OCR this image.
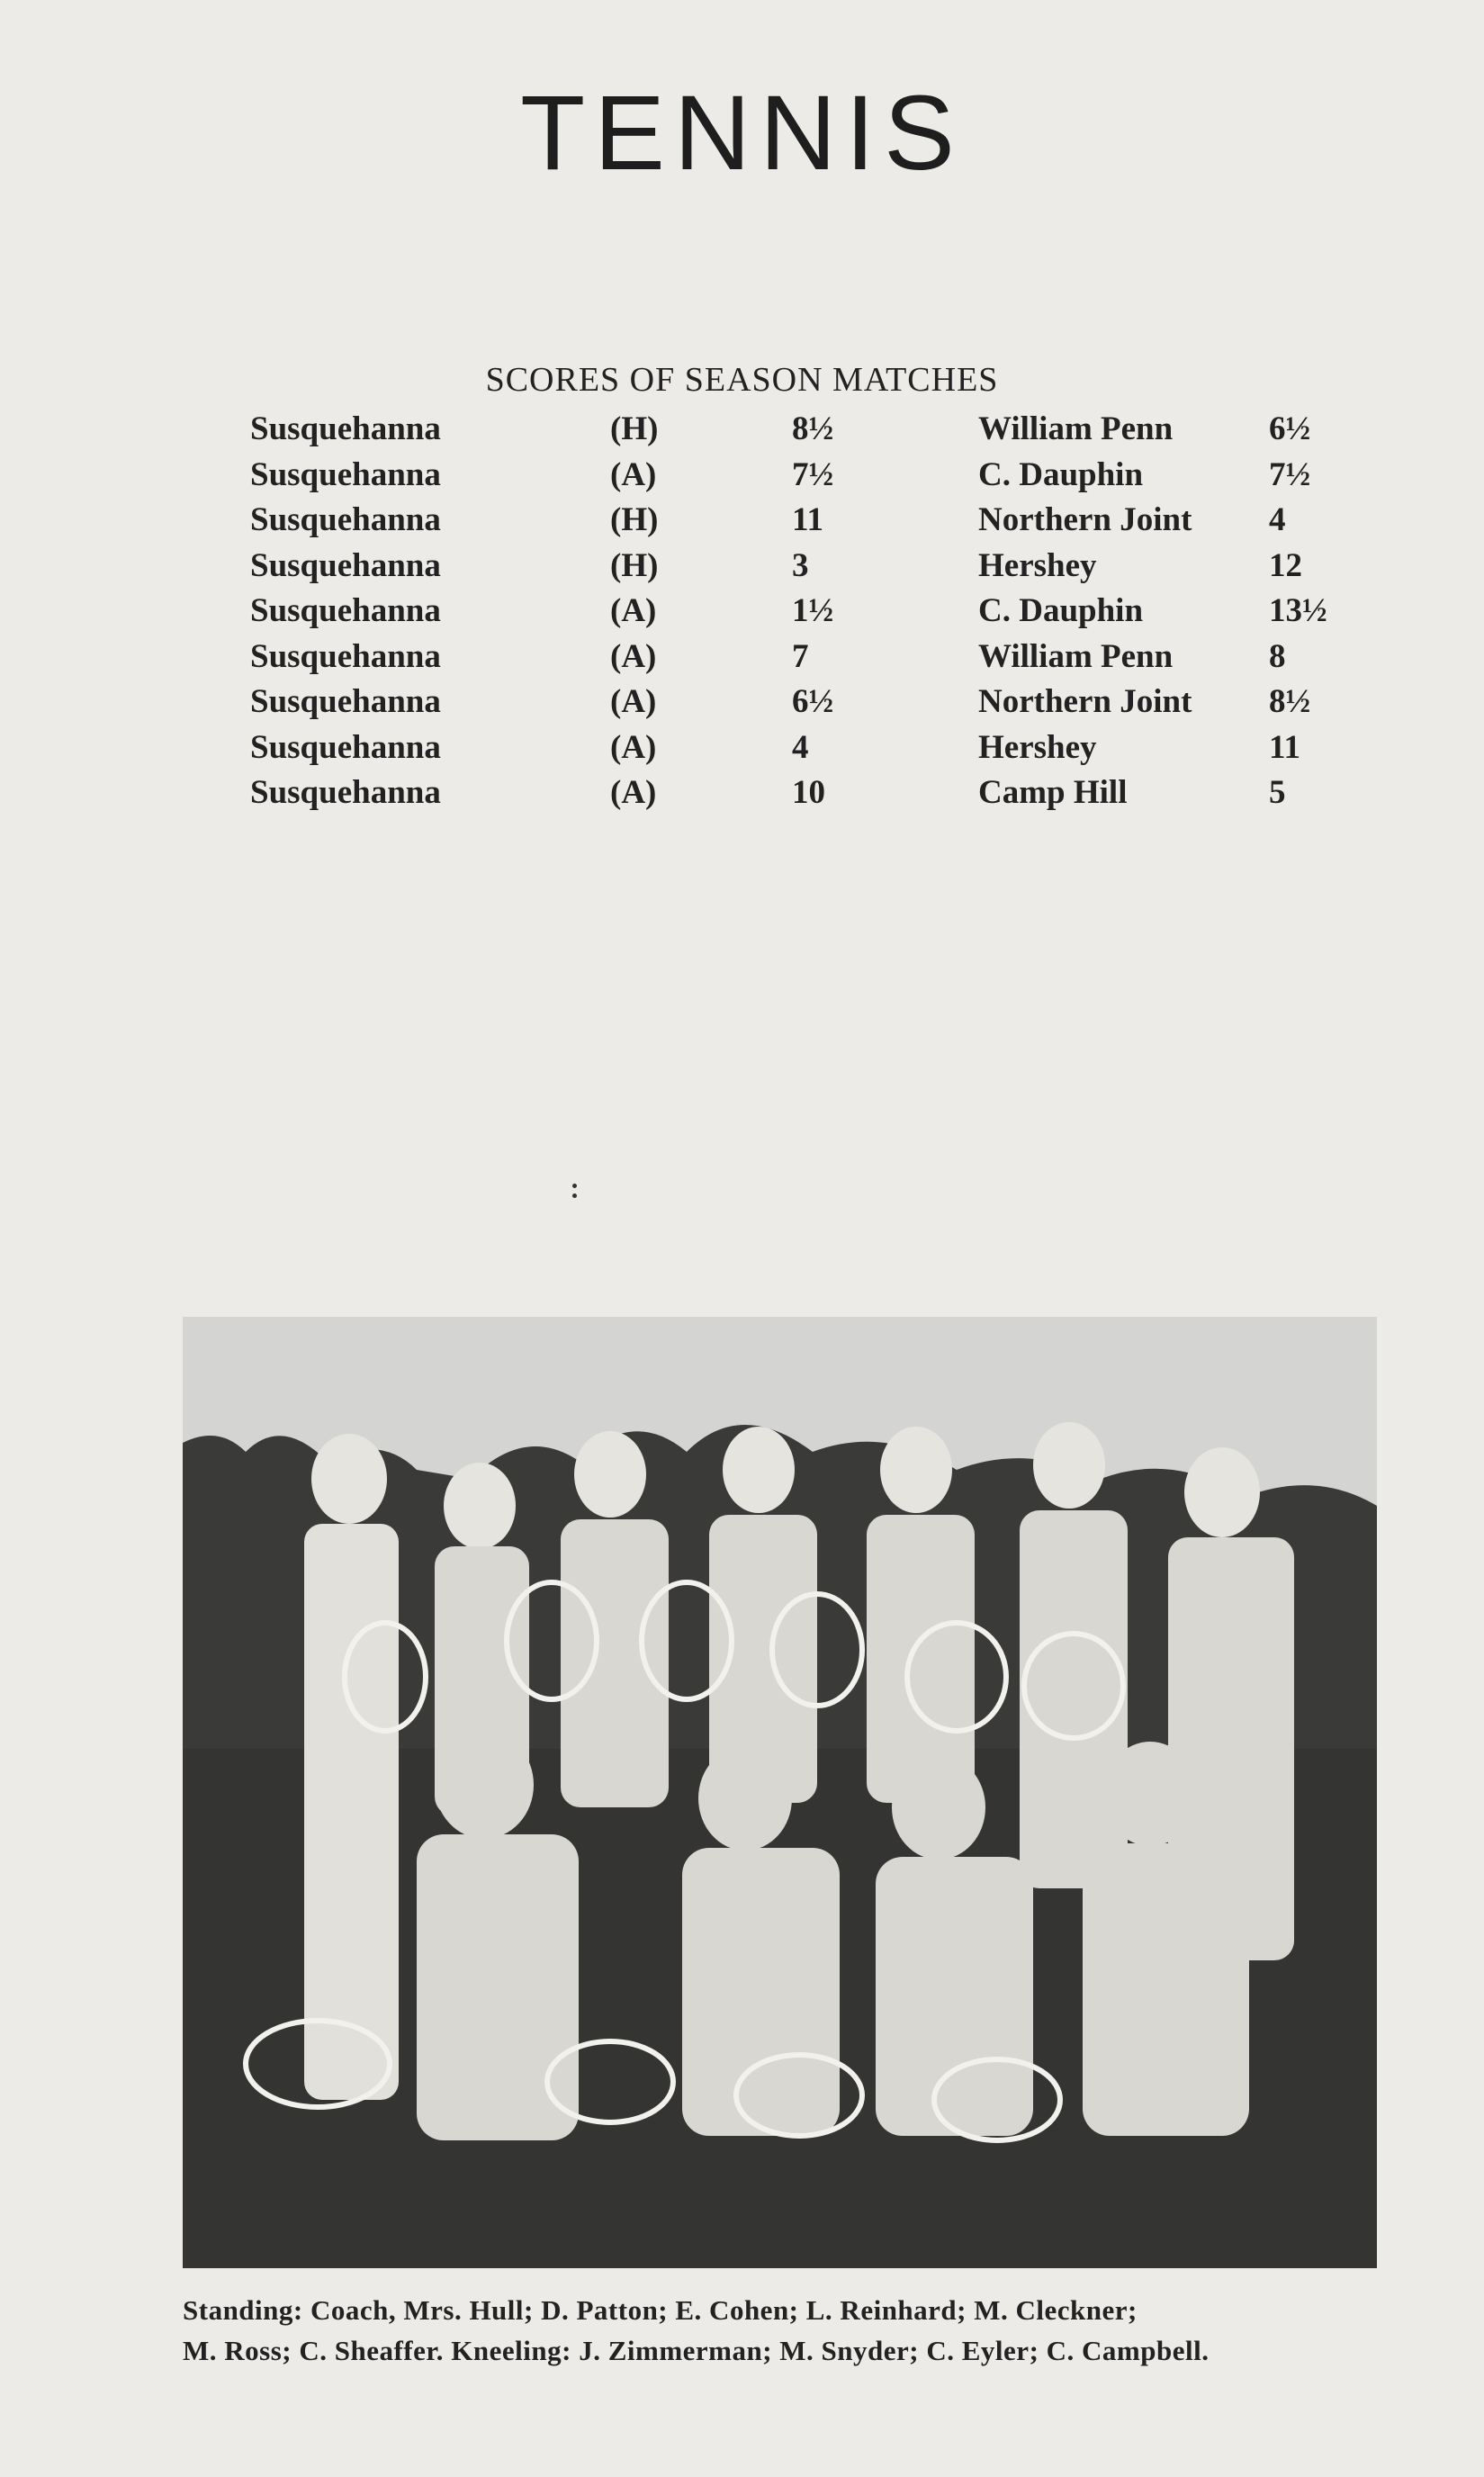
TENNIS
SCORES OF SEASON MATCHES
Susquehanna	(H)	8½	William Penn	6½
Susquehanna	(A)	7½	C. Dauphin	7½
Susquehanna	(H)	11	Northern Joint 4
Susquehanna	(H)	3	Hershey	12
Susquehanna	(A)	1½	C. Dauphin	13½
Susquehanna	(A)	7	William Penn	8
Susquehanna	(A)	6½	Northern Joint 8½
Susquehanna	(A)	4	Hershey	11
Susquehanna	(A)	10	Camp Hill	5
Standing: Coach, Mrs. Hull; D. Patton; E. Cohen; L. Reinhard; M. Cleckner;
M. Ross; C. Sheaffer. Kneeling: J. Zimmerman; M. Snyder; C. Eyler; C. Campbell.
